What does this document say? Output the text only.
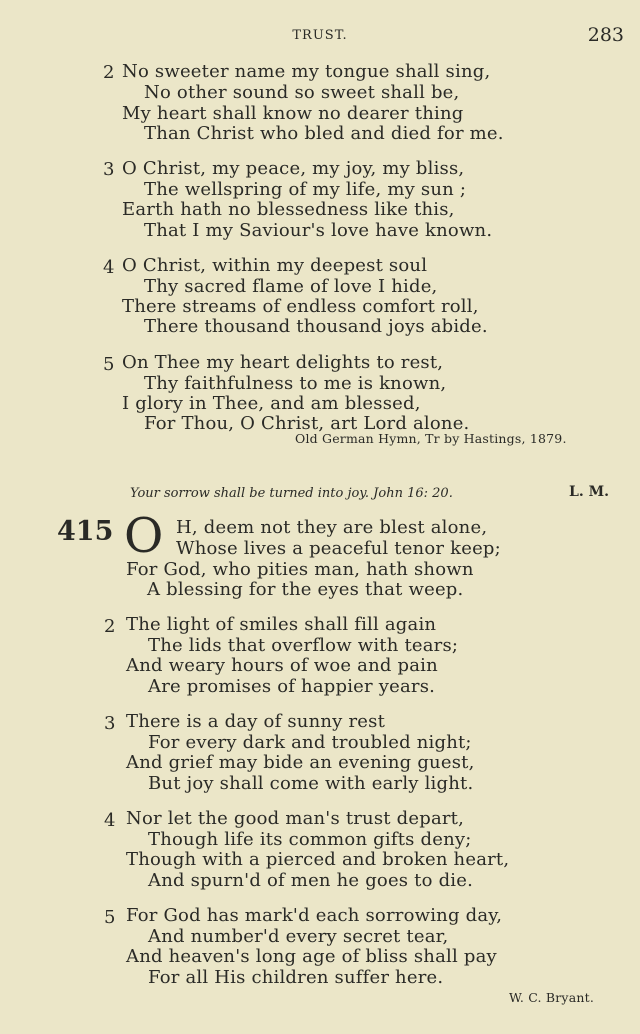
TRUST.	283
2 No sweeter name my tongue shall sing,
No other sound so sweet shall be,
My heart shall know no dearer thing
Than Christ who bled and died for me.
3 O Christ, my peace, my joy, my bliss,
The wellspring of my life, my sun ;
Earth hath no blessedness like this,
That I my Saviour's love have known.
4 O Christ, within my deepest soul
Thy sacred flame of love I hide,
There streams of endless comfort roll,
There thousand thousand joys abide.
5 On Thee my heart delights to rest,
Thy faithfulness to me is known,
I glory in Thee, and am blessed,
For Thou, O Christ, art Lord alone.
Old German Hymn, Tr by Hastings, 1879.
Your sorrow shall be turned into joy. John 16: 20.	L. M.
415 O H, deem not they are blest alone,
Whose lives a peaceful tenor keep;
For God, who pities man, hath shown
A blessing for the eyes that weep.
2 The light of smiles shall fill again
The lids that overflow with tears;
And weary hours of woe and pain
Are promises of happier years.
3 There is a day of sunny rest
For every dark and troubled night;
And grief may bide an evening guest,
But joy shall come with early light.
4 Nor let the good man's trust depart,
Though life its common gifts deny;
Though with a pierced and broken heart,
And spurn'd of men he goes to die.
5 For God has mark'd each sorrowing day,
And number'd every secret tear,
And heaven's long age of bliss shall pay
For all His children suffer here.
W. C. Bryant.
